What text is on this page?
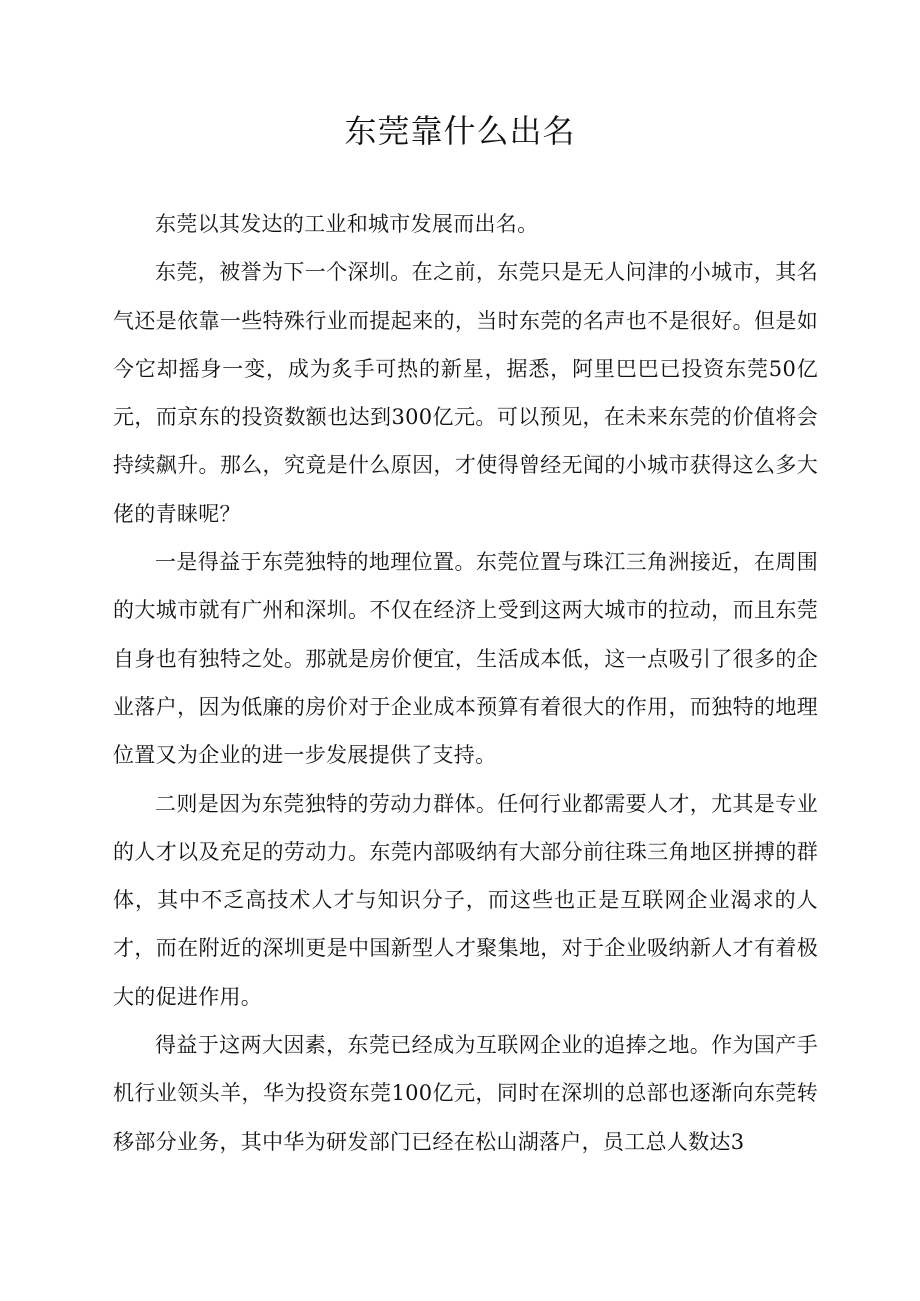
东莞靠什么出名

东莞以其发达的工业和城市发展而出名。

东莞，被誉为下一个深圳。在之前，东莞只是无人问津的小城市，其名气还是依靠一些特殊行业而提起来的，当时东莞的名声也不是很好。但是如今它却摇身一变，成为炙手可热的新星，据悉，阿里巴巴已投资东莞50亿元，而京东的投资数额也达到300亿元。可以预见，在未来东莞的价值将会持续飙升。那么，究竟是什么原因，才使得曾经无闻的小城市获得这么多大佬的青睐呢？

一是得益于东莞独特的地理位置。东莞位置与珠江三角洲接近，在周围的大城市就有广州和深圳。不仅在经济上受到这两大城市的拉动，而且东莞自身也有独特之处。那就是房价便宜，生活成本低，这一点吸引了很多的企业落户，因为低廉的房价对于企业成本预算有着很大的作用，而独特的地理位置又为企业的进一步发展提供了支持。

二则是因为东莞独特的劳动力群体。任何行业都需要人才，尤其是专业的人才以及充足的劳动力。东莞内部吸纳有大部分前往珠三角地区拼搏的群体，其中不乏高技术人才与知识分子，而这些也正是互联网企业渴求的人才，而在附近的深圳更是中国新型人才聚集地，对于企业吸纳新人才有着极大的促进作用。

得益于这两大因素，东莞已经成为互联网企业的追捧之地。作为国产手机行业领头羊，华为投资东莞100亿元，同时在深圳的总部也逐渐向东莞转移部分业务，其中华为研发部门已经在松山湖落户，员工总人数达3
